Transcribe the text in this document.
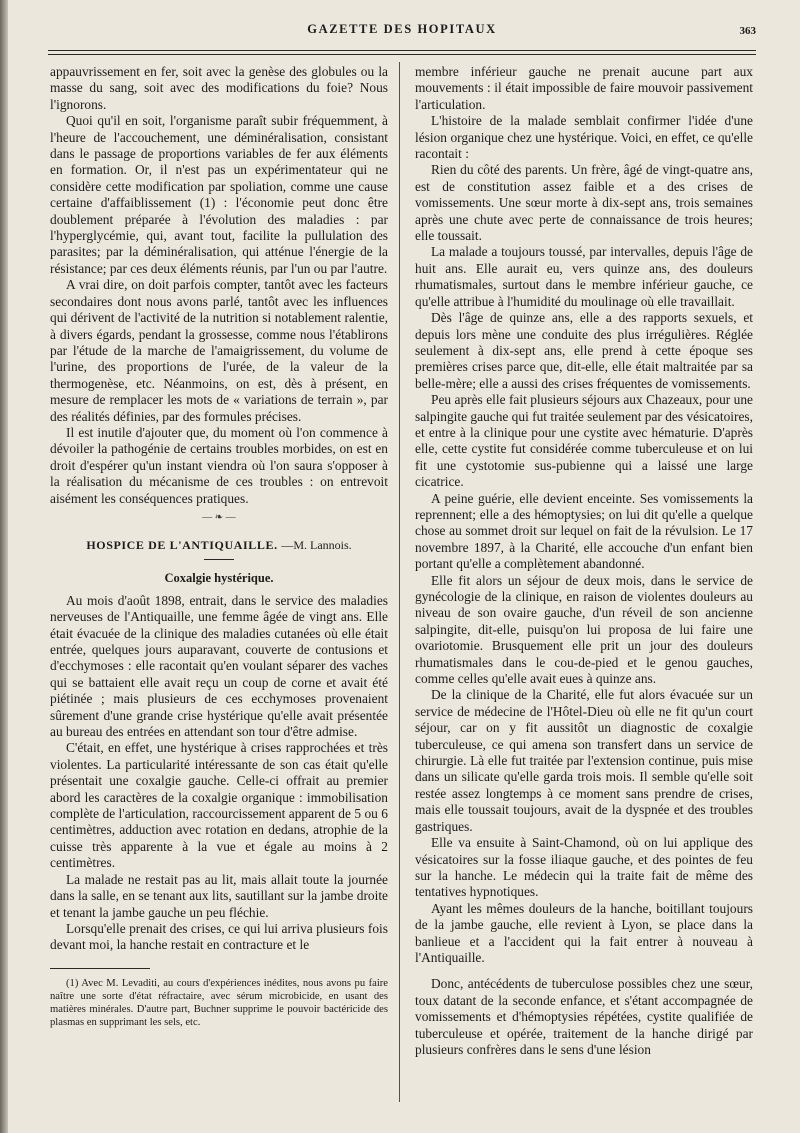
GAZETTE DES HOPITAUX	363

appauvrissement en fer, soit avec la genèse des globules ou la masse du sang, soit avec des modifications du foie? Nous l'ignorons.

Quoi qu'il en soit, l'organisme paraît subir fréquemment, à l'heure de l'accouchement, une déminéralisation, consistant dans le passage de proportions variables de fer aux éléments en formation. Or, il n'est pas un expérimentateur qui ne considère cette modification par spoliation, comme une cause certaine d'affaiblissement (1) : l'économie peut donc être doublement préparée à l'évolution des maladies : par l'hyperglycémie, qui, avant tout, facilite la pullulation des parasites; par la déminéralisation, qui atténue l'énergie de la résistance; par ces deux éléments réunis, par l'un ou par l'autre.

A vrai dire, on doit parfois compter, tantôt avec les facteurs secondaires dont nous avons parlé, tantôt avec les influences qui dérivent de l'activité de la nutrition si notablement ralentie, à divers égards, pendant la grossesse, comme nous l'établirons par l'étude de la marche de l'amaigrissement, du volume de l'urine, des proportions de l'urée, de la valeur de la thermogenèse, etc. Néanmoins, on est, dès à présent, en mesure de remplacer les mots de « variations de terrain », par des réalités définies, par des formules précises.

Il est inutile d'ajouter que, du moment où l'on commence à dévoiler la pathogénie de certains troubles morbides, on est en droit d'espérer qu'un instant viendra où l'on saura s'opposer à la réalisation du mécanisme de ces troubles : on entrevoit aisément les conséquences pratiques.

— ❧ —
HOSPICE DE L'ANTIQUAILLE. —M. Lannois.
Coxalgie hystérique.

Au mois d'août 1898, entrait, dans le service des maladies nerveuses de l'Antiquaille, une femme âgée de vingt ans. Elle était évacuée de la clinique des maladies cutanées où elle était entrée, quelques jours auparavant, couverte de contusions et d'ecchymoses : elle racontait qu'en voulant séparer des vaches qui se battaient elle avait reçu un coup de corne et avait été piétinée ; mais plusieurs de ces ecchymoses provenaient sûrement d'une grande crise hystérique qu'elle avait présentée au bureau des entrées en attendant son tour d'être admise.

C'était, en effet, une hystérique à crises rapprochées et très violentes. La particularité intéressante de son cas était qu'elle présentait une coxalgie gauche. Celle-ci offrait au premier abord les caractères de la coxalgie organique : immobilisation complète de l'articulation, raccourcissement apparent de 5 ou 6 centimètres, adduction avec rotation en dedans, atrophie de la cuisse très apparente à la vue et égale au moins à 2 centimètres.

La malade ne restait pas au lit, mais allait toute la journée dans la salle, en se tenant aux lits, sautillant sur la jambe droite et tenant la jambe gauche un peu fléchie.

Lorsqu'elle prenait des crises, ce qui lui arriva plusieurs fois devant moi, la hanche restait en contracture et le

(1) Avec M. Levaditi, au cours d'expériences inédites, nous avons pu faire naître une sorte d'état réfractaire, avec sérum microbicide, en usant des matières minérales. D'autre part, Buchner supprime le pouvoir bactéricide des plasmas en supprimant les sels, etc.

membre inférieur gauche ne prenait aucune part aux mouvements : il était impossible de faire mouvoir passivement l'articulation.

L'histoire de la malade semblait confirmer l'idée d'une lésion organique chez une hystérique. Voici, en effet, ce qu'elle racontait :

Rien du côté des parents. Un frère, âgé de vingt-quatre ans, est de constitution assez faible et a des crises de vomissements. Une sœur morte à dix-sept ans, trois semaines après une chute avec perte de connaissance de trois heures; elle toussait.

La malade a toujours toussé, par intervalles, depuis l'âge de huit ans. Elle aurait eu, vers quinze ans, des douleurs rhumatismales, surtout dans le membre inférieur gauche, ce qu'elle attribue à l'humidité du moulinage où elle travaillait.

Dès l'âge de quinze ans, elle a des rapports sexuels, et depuis lors mène une conduite des plus irrégulières. Réglée seulement à dix-sept ans, elle prend à cette époque ses premières crises parce que, dit-elle, elle était maltraitée par sa belle-mère; elle a aussi des crises fréquentes de vomissements.

Peu après elle fait plusieurs séjours aux Chazeaux, pour une salpingite gauche qui fut traitée seulement par des vésicatoires, et entre à la clinique pour une cystite avec hématurie. D'après elle, cette cystite fut considérée comme tuberculeuse et on lui fit une cystotomie sus-pubienne qui a laissé une large cicatrice.

A peine guérie, elle devient enceinte. Ses vomissements la reprennent; elle a des hémoptysies; on lui dit qu'elle a quelque chose au sommet droit sur lequel on fait de la révulsion. Le 17 novembre 1897, à la Charité, elle accouche d'un enfant bien portant qu'elle a complètement abandonné.

Elle fit alors un séjour de deux mois, dans le service de gynécologie de la clinique, en raison de violentes douleurs au niveau de son ovaire gauche, d'un réveil de son ancienne salpingite, dit-elle, puisqu'on lui proposa de lui faire une ovariotomie. Brusquement elle prit un jour des douleurs rhumatismales dans le cou-de-pied et le genou gauches, comme celles qu'elle avait eues à quinze ans.

De la clinique de la Charité, elle fut alors évacuée sur un service de médecine de l'Hôtel-Dieu où elle ne fit qu'un court séjour, car on y fit aussitôt un diagnostic de coxalgie tuberculeuse, ce qui amena son transfert dans un service de chirurgie. Là elle fut traitée par l'extension continue, puis mise dans un silicate qu'elle garda trois mois. Il semble qu'elle soit restée assez longtemps à ce moment sans prendre de crises, mais elle toussait toujours, avait de la dyspnée et des troubles gastriques.

Elle va ensuite à Saint-Chamond, où on lui applique des vésicatoires sur la fosse iliaque gauche, et des pointes de feu sur la hanche. Le médecin qui la traite fait de même des tentatives hypnotiques.

Ayant les mêmes douleurs de la hanche, boitillant toujours de la jambe gauche, elle revient à Lyon, se place dans la banlieue et a l'accident qui la fait entrer à nouveau à l'Antiquaille.

Donc, antécédents de tuberculose possibles chez une sœur, toux datant de la seconde enfance, et s'étant accompagnée de vomissements et d'hémoptysies répétées, cystite qualifiée de tuberculeuse et opérée, traitement de la hanche dirigé par plusieurs confrères dans le sens d'une lésion
